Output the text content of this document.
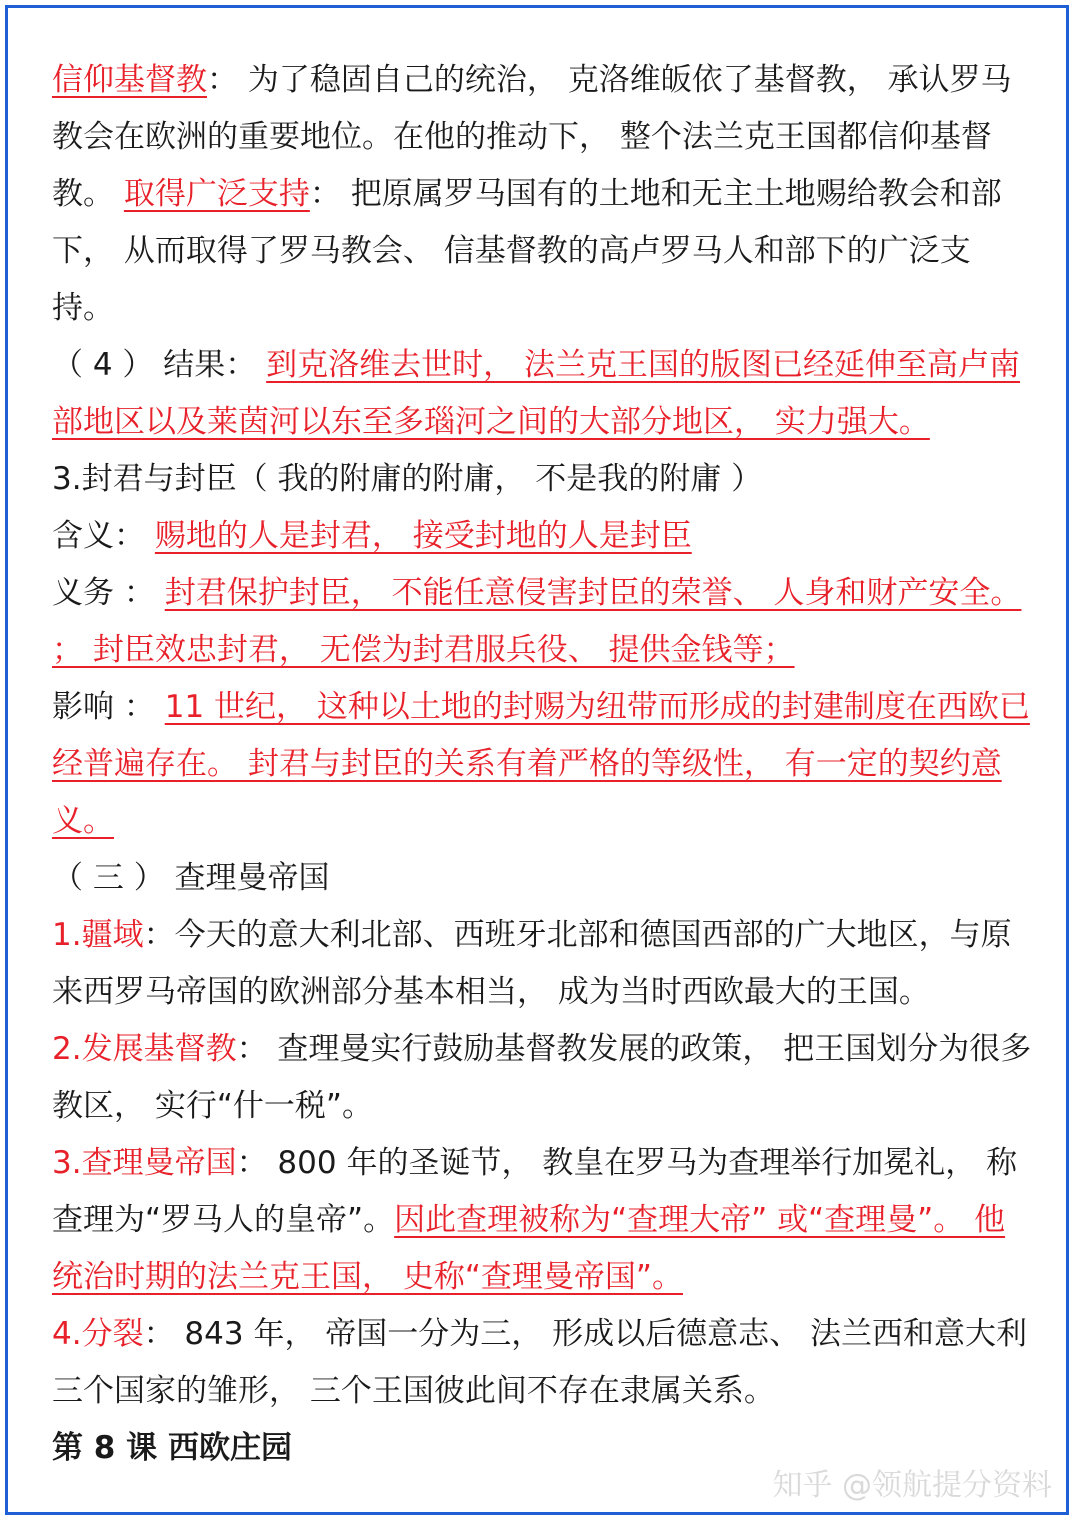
信仰基督教： 为了稳固自己的统治， 克洛维皈依了基督教， 承认罗马教会在欧洲的重要地位。在他的推动下， 整个法兰克王国都信仰基督教。 取得广泛支持： 把原属罗马国有的土地和无主土地赐给教会和部下， 从而取得了罗马教会、 信基督教的高卢罗马人和部下的广泛支持。

（ 4 ） 结果： 到克洛维去世时， 法兰克王国的版图已经延伸至高卢南部地区以及莱茵河以东至多瑙河之间的大部分地区， 实力强大。

3.封君与封臣（ 我的附庸的附庸， 不是我的附庸 ）

含义： 赐地的人是封君， 接受封地的人是封臣

义务 ： 封君保护封臣， 不能任意侵害封臣的荣誉、 人身和财产安全。 ； 封臣效忠封君， 无偿为封君服兵役、 提供金钱等；

影响 ： 11 世纪， 这种以土地的封赐为纽带而形成的封建制度在西欧已经普遍存在。 封君与封臣的关系有着严格的等级性， 有一定的契约意义。

（ 三 ） 查理曼帝国

1.疆域：今天的意大利北部、西班牙北部和德国西部的广大地区，与原来西罗马帝国的欧洲部分基本相当， 成为当时西欧最大的王国。

2.发展基督教： 查理曼实行鼓励基督教发展的政策， 把王国划分为很多教区， 实行“什一税”。

3.查理曼帝国： 800 年的圣诞节， 教皇在罗马为查理举行加冕礼， 称查理为“罗马人的皇帝”。因此查理被称为“查理大帝” 或“查理曼”。 他统治时期的法兰克王国， 史称“查理曼帝国”。

4.分裂： 843 年， 帝国一分为三， 形成以后德意志、 法兰西和意大利三个国家的雏形， 三个王国彼此间不存在隶属关系。

第 8 课 西欧庄园

知乎 @领航提分资料
